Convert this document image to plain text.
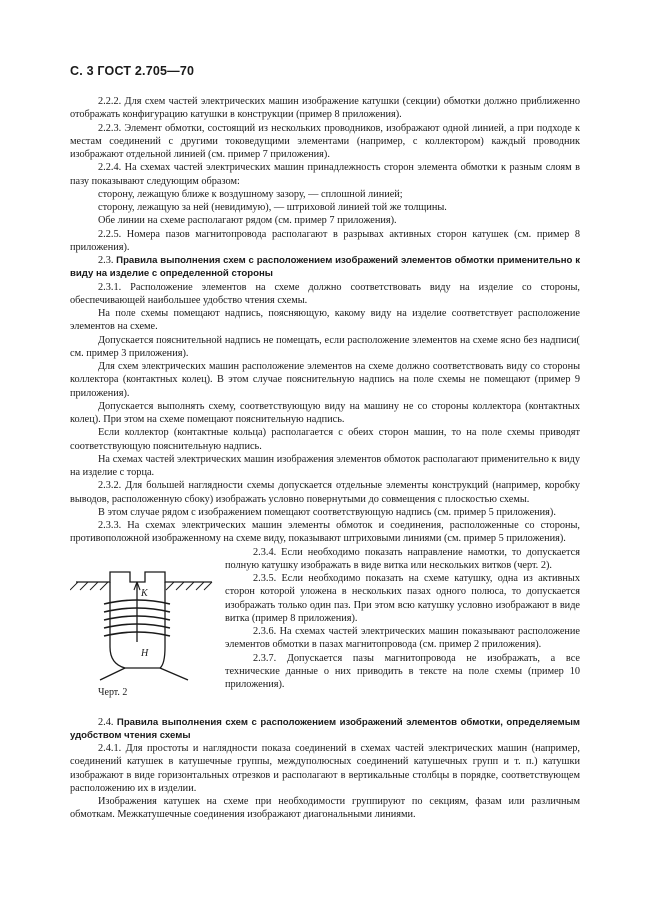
С. 3 ГОСТ 2.705—70

2.2.2. Для схем частей электрических машин изображение катушки (секции) обмотки должно приближенно отображать конфигурацию катушки в конструкции (пример 8 приложения).

2.2.3. Элемент обмотки, состоящий из нескольких проводников, изображают одной линией, а при подходе к местам соединений с другими токоведущими элементами (например, с коллектором) каждый проводник изображают отдельной линией (см. пример 7 приложения).

2.2.4. На схемах частей электрических машин принадлежность сторон элемента обмотки к разным слоям в пазу показывают следующим образом:

сторону, лежащую ближе к воздушному зазору, — сплошной линией;

сторону, лежащую за ней (невидимую), — штриховой линией той же толщины.

Обе линии на схеме располагают рядом (см. пример 7 приложения).

2.2.5. Номера пазов магнитопровода располагают в разрывах активных сторон катушек (см. пример 8 приложения).

2.3. Правила выполнения схем с расположением изображений элементов обмотки применительно к виду на изделие с определенной стороны

2.3.1. Расположение элементов на схеме должно соответствовать виду на изделие со стороны, обеспечивающей наибольшее удобство чтения схемы.

На поле схемы помещают надпись, поясняющую, какому виду на изделие соответствует расположение элементов на схеме.

Допускается пояснительной надпись не помещать, если расположение элементов на схеме ясно без надписи( см. пример 3 приложения).

Для схем электрических машин расположение элементов на схеме должно соответствовать виду со стороны коллектора (контактных колец). В этом случае пояснительную надпись на поле схемы не помещают (пример 9 приложения).

Допускается выполнять схему, соответствующую виду на машину не со стороны коллектора (контактных колец). При этом на схеме помещают пояснительную надпись.

Если коллектор (контактные кольца) располагается с обеих сторон машин, то на поле схемы приводят соответствующую пояснительную надпись.

На схемах частей электрических машин изображения элементов обмоток располагают применительно к виду на изделие с торца.

2.3.2. Для большей наглядности схемы допускается отдельные элементы конструкций (например, коробку выводов, расположенную сбоку) изображать условно повернутыми до совмещения с плоскостью схемы.

В этом случае рядом с изображением помещают соответствующую надпись (см. пример 5 приложения).

2.3.3. На схемах электрических машин элементы обмоток и соединения, расположенные со стороны, противоположной изображенному на схеме виду, показывают штриховыми линиями (см. пример 5 приложения).

К
Н
Черт. 2

2.3.4. Если необходимо показать направление намотки, то допускается полную катушку изображать в виде витка или нескольких витков (черт. 2).

2.3.5. Если необходимо показать на схеме катушку, одна из активных сторон которой уложена в нескольких пазах одного полюса, то допускается изображать только один паз. При этом всю катушку условно изображают в виде витка (пример 8 приложения).

2.3.6. На схемах частей электрических машин показывают расположение элементов обмотки в пазах магнитопровода (см. пример 2 приложения).

2.3.7. Допускается пазы магнитопровода не изображать, а все технические данные о них приводить в тексте на поле схемы (пример 10 приложения).

2.4. Правила выполнения схем с расположением изображений элементов обмотки, определяемым удобством чтения схемы

2.4.1. Для простоты и наглядности показа соединений в схемах частей электрических машин (например, соединений катушек в катушечные группы, междуполюсных соединений катушечных групп и т. п.) катушки изображают в виде горизонтальных отрезков и располагают в вертикальные столбцы в порядке, соответствующем расположению их в изделии.

Изображения катушек на схеме при необходимости группируют по секциям, фазам или различным обмоткам. Межкатушечные соединения изображают диагональными линиями.
